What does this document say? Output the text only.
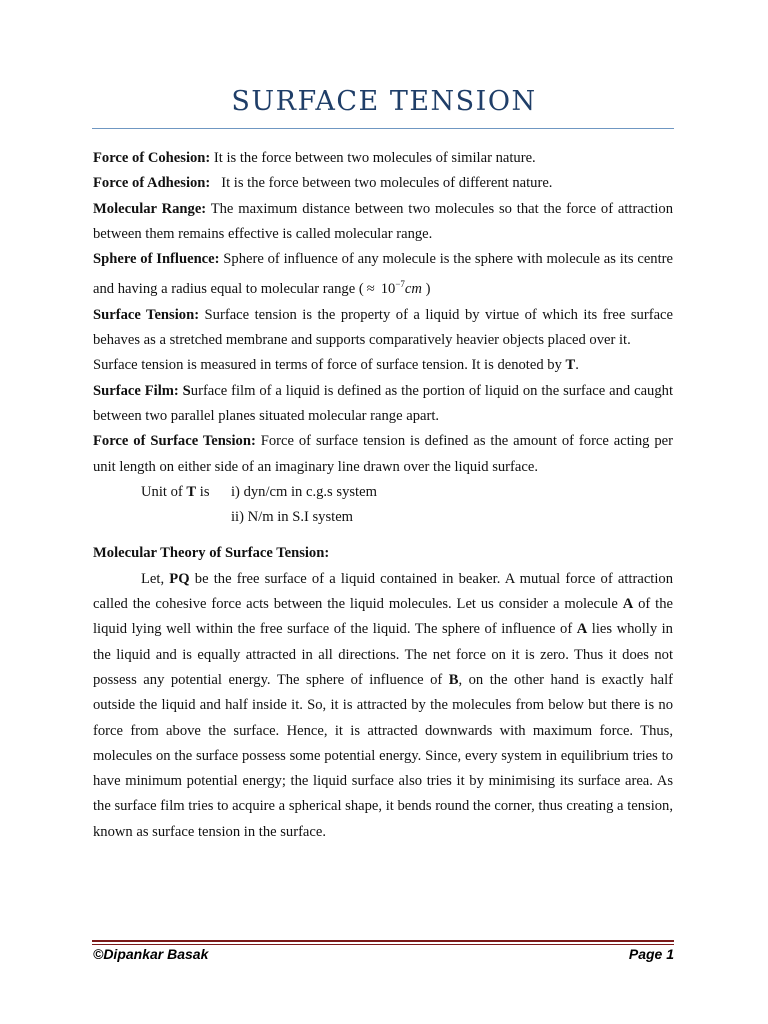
SURFACE TENSION

Force of Cohesion: It is the force between two molecules of similar nature.

Force of Adhesion:   It is the force between two molecules of different nature.

Molecular Range: The maximum distance between two molecules so that the force of attraction between them remains effective is called molecular range.

Sphere of Influence: Sphere of influence of any molecule is the sphere with molecule as its centre and having a radius equal to molecular range ( ≈ $10^{-7}cm$ )

Surface Tension: Surface tension is the property of a liquid by virtue of which its free surface behaves as a stretched membrane and supports comparatively heavier objects placed over it.

Surface tension is measured in terms of force of surface tension. It is denoted by T.

Surface Film: Surface film of a liquid is defined as the portion of liquid on the surface and caught between two parallel planes situated molecular range apart.

Force of Surface Tension: Force of surface tension is defined as the amount of force acting per unit length on either side of an imaginary line drawn over the liquid surface.

Unit of T is i) dyn/cm in c.g.s system
ii) N/m in S.I system

Molecular Theory of Surface Tension:

Let, PQ be the free surface of a liquid contained in beaker. A mutual force of attraction called the cohesive force acts between the liquid molecules. Let us consider a molecule A of the liquid lying well within the free surface of the liquid. The sphere of influence of A lies wholly in the liquid and is equally attracted in all directions. The net force on it is zero. Thus it does not possess any potential energy. The sphere of influence of B, on the other hand is exactly half outside the liquid and half inside it. So, it is attracted by the molecules from below but there is no force from above the surface. Hence, it is attracted downwards with maximum force. Thus, molecules on the surface possess some potential energy. Since, every system in equilibrium tries to have minimum potential energy; the liquid surface also tries it by minimising its surface area. As the surface film tries to acquire a spherical shape, it bends round the corner, thus creating a tension, known as surface tension in the surface.

©Dipankar Basak	Page 1
